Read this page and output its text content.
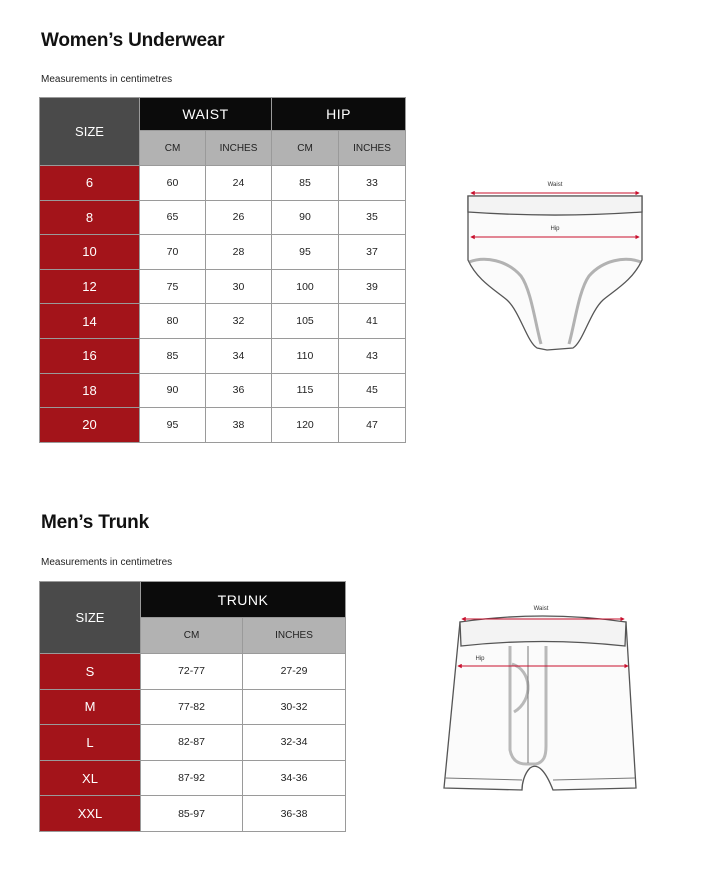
Women’s Underwear
Measurements in centimetres
SIZE	WAIST		HIP	
	CM	INCHES	CM	INCHES
6	60	24	85	33
8	65	26	90	35
10	70	28	95	37
12	75	30	100	39
14	80	32	105	41
16	85	34	110	43
18	90	36	115	45
20	95	38	120	47
Waist
Hip
Men’s Trunk
Measurements in centimetres
SIZE	TRUNK	
	CM	INCHES
S	72-77	27-29
M	77-82	30-32
L	82-87	32-34
XL	87-92	34-36
XXL	85-97	36-38
Waist
Hip
